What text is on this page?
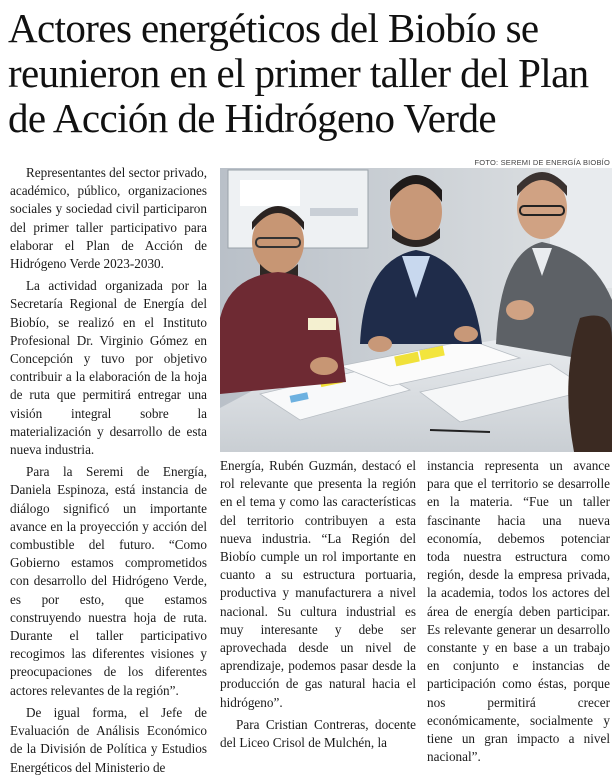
Actores energéticos del Biobío se reunieron en el primer taller del Plan de Acción de Hidrógeno Verde

Representantes del sector privado, académico, público, organizaciones sociales y sociedad civil participaron del primer taller participativo para elaborar el Plan de Acción de Hidrógeno Verde 2023-2030.

La actividad organizada por la Secretaría Regional de Energía del Biobío, se realizó en el Instituto Profesional Dr. Virginio Gómez en Concepción y tuvo por objetivo contribuir a la elaboración de la hoja de ruta que permitirá entregar una visión integral sobre la materialización y desarrollo de esta nueva industria.

Para la Seremi de Energía, Daniela Espinoza, está instancia de diálogo significó un importante avance en la proyección y acción del combustible del futuro. “Como Gobierno estamos comprometidos con desarrollo del Hidrógeno Verde, es por esto, que estamos construyendo nuestra hoja de ruta. Durante el taller participativo recogimos las diferentes visiones y preocupaciones de los diferentes actores relevantes de la región”.

De igual forma, el Jefe de Evaluación de Análisis Económico de la División de Política y Estudios Energéticos del Ministerio de

FOTO: SEREMI DE ENERGÍA BIOBÍO

Energía, Rubén Guzmán, destacó el rol relevante que presenta la región en el tema y como las características del territorio contribuyen a esta nueva industria. “La Región del Biobío cumple un rol importante en cuanto a su estructura portuaria, productiva y manufacturera a nivel nacional. Su cultura industrial es muy interesante y debe ser aprovechada desde un nivel de aprendizaje, podemos pasar desde la producción de gas natural hacia el hidrógeno”.

Para Cristian Contreras, docente del Liceo Crisol de Mulchén, la

instancia representa un avance para que el territorio se desarrolle en la materia. “Fue un taller fascinante hacia una nueva economía, debemos potenciar toda nuestra estructura como región, desde la empresa privada, la academia, todos los actores del área de energía deben participar. Es relevante generar un desarrollo constante y en base a un trabajo en conjunto e instancias de participación como éstas, porque nos permitirá crecer económicamente, socialmente y tiene un gran impacto a nivel nacional”.
